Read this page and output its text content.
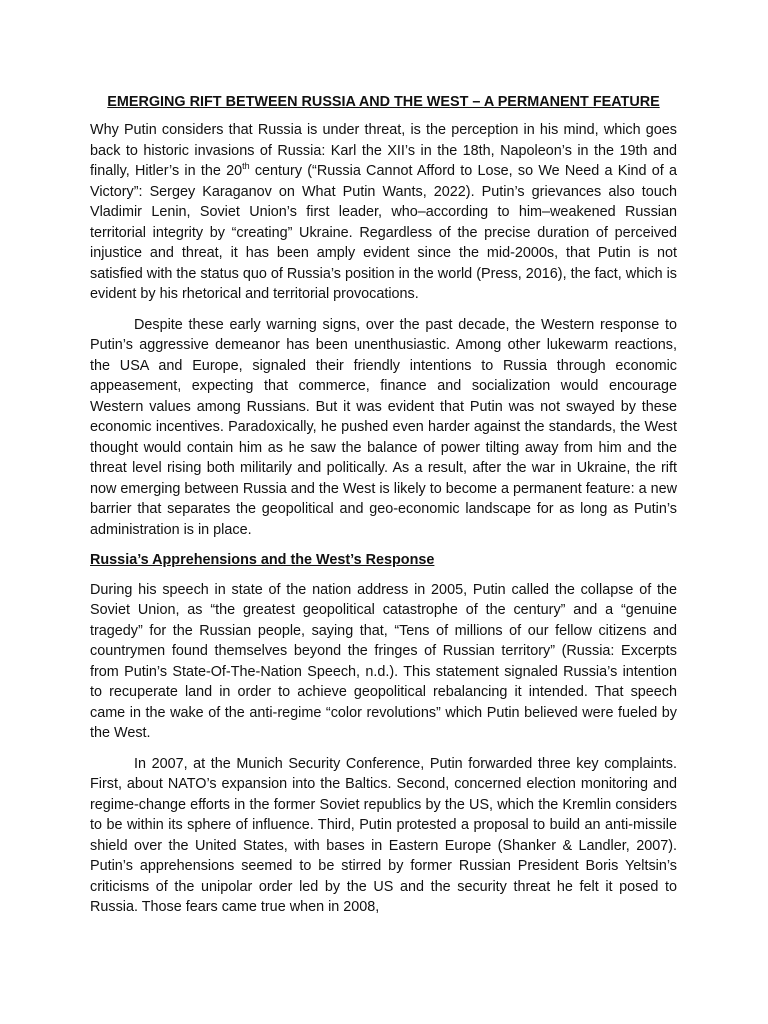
EMERGING RIFT BETWEEN RUSSIA AND THE WEST – A PERMANENT FEATURE

Why Putin considers that Russia is under threat, is the perception in his mind, which goes back to historic invasions of Russia: Karl the XII’s in the 18th, Napoleon’s in the 19th and finally, Hitler’s in the 20th century (“Russia Cannot Afford to Lose, so We Need a Kind of a Victory”: Sergey Karaganov on What Putin Wants, 2022). Putin’s grievances also touch Vladimir Lenin, Soviet Union’s first leader, who–according to him–weakened Russian territorial integrity by “creating” Ukraine. Regardless of the precise duration of perceived injustice and threat, it has been amply evident since the mid-2000s, that Putin is not satisfied with the status quo of Russia’s position in the world (Press, 2016), the fact, which is evident by his rhetorical and territorial provocations.

Despite these early warning signs, over the past decade, the Western response to Putin’s aggressive demeanor has been unenthusiastic. Among other lukewarm reactions, the USA and Europe, signaled their friendly intentions to Russia through economic appeasement, expecting that commerce, finance and socialization would encourage Western values among Russians. But it was evident that Putin was not swayed by these economic incentives. Paradoxically, he pushed even harder against the standards, the West thought would contain him as he saw the balance of power tilting away from him and the threat level rising both militarily and politically. As a result, after the war in Ukraine, the rift now emerging between Russia and the West is likely to become a permanent feature: a new barrier that separates the geopolitical and geo-economic landscape for as long as Putin’s administration is in place.

Russia’s Apprehensions and the West’s Response

During his speech in state of the nation address in 2005, Putin called the collapse of the Soviet Union, as “the greatest geopolitical catastrophe of the century” and a “genuine tragedy” for the Russian people, saying that, “Tens of millions of our fellow citizens and countrymen found themselves beyond the fringes of Russian territory” (Russia: Excerpts from Putin’s State-Of-The-Nation Speech, n.d.). This statement signaled Russia’s intention to recuperate land in order to achieve geopolitical rebalancing it intended. That speech came in the wake of the anti-regime “color revolutions” which Putin believed were fueled by the West.

In 2007, at the Munich Security Conference, Putin forwarded three key complaints. First, about NATO’s expansion into the Baltics. Second, concerned election monitoring and regime-change efforts in the former Soviet republics by the US, which the Kremlin considers to be within its sphere of influence. Third, Putin protested a proposal to build an anti-missile shield over the United States, with bases in Eastern Europe (Shanker & Landler, 2007). Putin’s apprehensions seemed to be stirred by former Russian President Boris Yeltsin’s criticisms of the unipolar order led by the US and the security threat he felt it posed to Russia. Those fears came true when in 2008,
